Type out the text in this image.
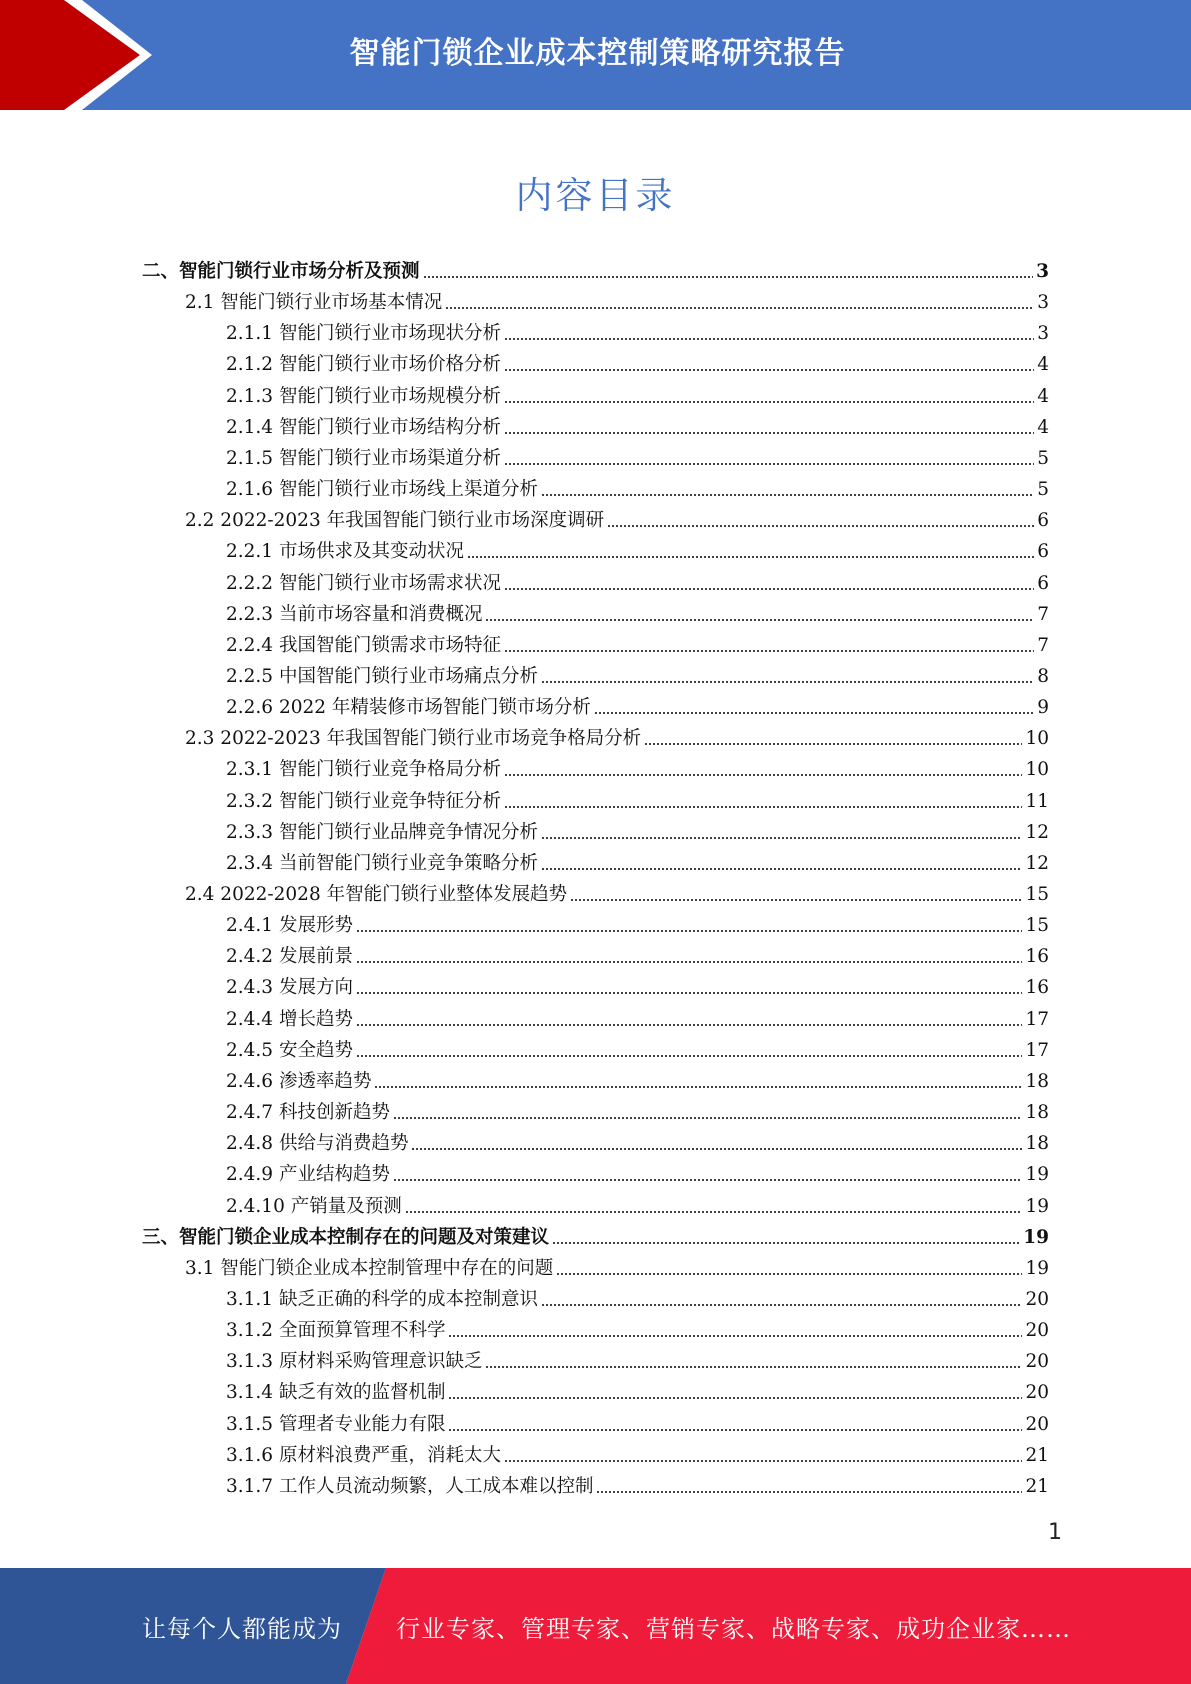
智能门锁企业成本控制策略研究报告
内容目录
二、智能门锁行业市场分析及预测	3
2.1 智能门锁行业市场基本情况	3
2.1.1 智能门锁行业市场现状分析	3
2.1.2 智能门锁行业市场价格分析	4
2.1.3 智能门锁行业市场规模分析	4
2.1.4 智能门锁行业市场结构分析	4
2.1.5 智能门锁行业市场渠道分析	5
2.1.6 智能门锁行业市场线上渠道分析	5
2.2 2022-2023 年我国智能门锁行业市场深度调研	6
2.2.1 市场供求及其变动状况	6
2.2.2 智能门锁行业市场需求状况	6
2.2.3 当前市场容量和消费概况	7
2.2.4 我国智能门锁需求市场特征	7
2.2.5 中国智能门锁行业市场痛点分析	8
2.2.6 2022 年精装修市场智能门锁市场分析	9
2.3 2022-2023 年我国智能门锁行业市场竞争格局分析	10
2.3.1 智能门锁行业竞争格局分析	10
2.3.2 智能门锁行业竞争特征分析	11
2.3.3 智能门锁行业品牌竞争情况分析	12
2.3.4 当前智能门锁行业竞争策略分析	12
2.4 2022-2028 年智能门锁行业整体发展趋势	15
2.4.1 发展形势	15
2.4.2 发展前景	16
2.4.3 发展方向	16
2.4.4 增长趋势	17
2.4.5 安全趋势	17
2.4.6 渗透率趋势	18
2.4.7 科技创新趋势	18
2.4.8 供给与消费趋势	18
2.4.9 产业结构趋势	19
2.4.10 产销量及预测	19
三、智能门锁企业成本控制存在的问题及对策建议	19
3.1 智能门锁企业成本控制管理中存在的问题	19
3.1.1 缺乏正确的科学的成本控制意识	20
3.1.2 全面预算管理不科学	20
3.1.3 原材料采购管理意识缺乏	20
3.1.4 缺乏有效的监督机制	20
3.1.5 管理者专业能力有限	20
3.1.6 原材料浪费严重，消耗太大	21
3.1.7 工作人员流动频繁，人工成本难以控制	21
1
让每个人都能成为 行业专家、管理专家、营销专家、战略专家、成功企业家……
